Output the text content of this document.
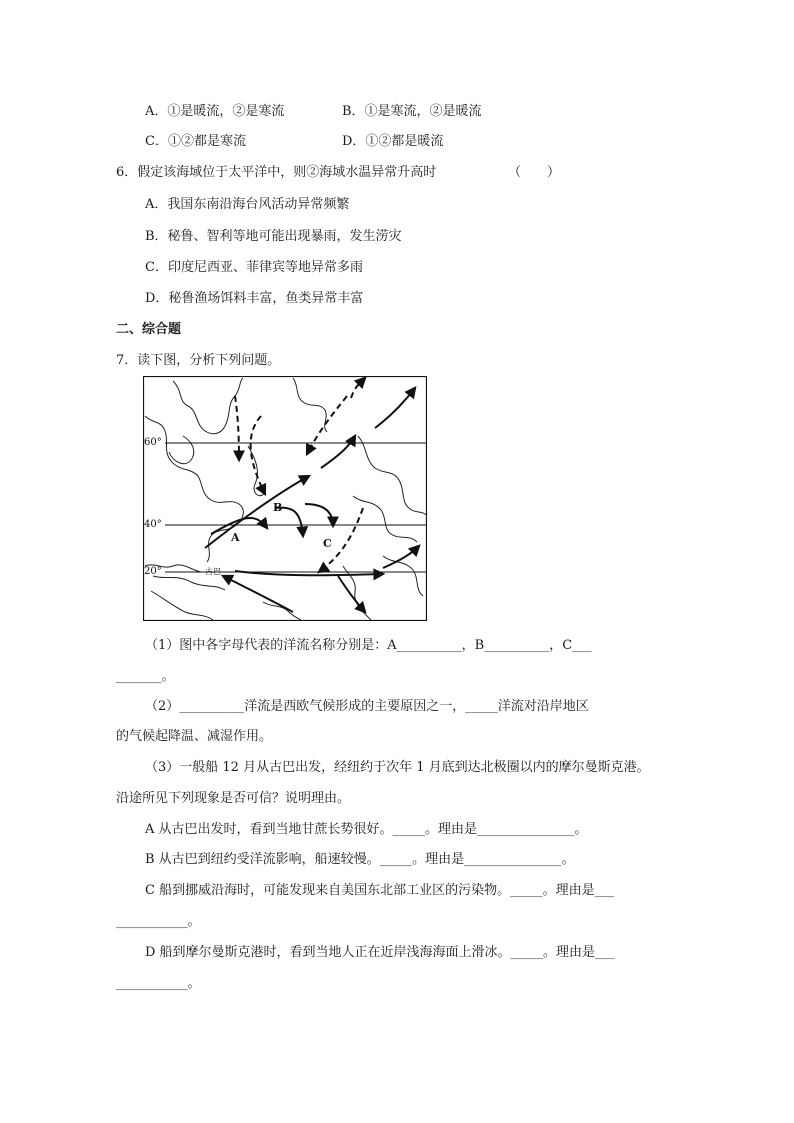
A．①是暖流，②是寒流	B．①是寒流，②是暖流
C．①②都是寒流	D．①②都是暖流
6．假定该海域位于太平洋中，则②海域水温异常升高时	（　　）
A．我国东南沿海台风活动异常频繁
B．秘鲁、智利等地可能出现暴雨，发生涝灾
C．印度尼西亚、菲律宾等地异常多雨
D．秘鲁渔场饵料丰富，鱼类异常丰富
二、综合题
7．读下图，分析下列问题。
60°
40°
20°
B
A	C
古巴
（1）图中各字母代表的洋流名称分别是：A__________，B__________，C___
_______。
（2）__________洋流是西欧气候形成的主要原因之一，_____洋流对沿岸地区
的气候起降温、减湿作用。
（3）一般船 12 月从古巴出发，经纽约于次年 1 月底到达北极圈以内的摩尔曼斯克港。
沿途所见下列现象是否可信？说明理由。
A 从古巴出发时，看到当地甘蔗长势很好。_____。理由是_______________。
B 从古巴到纽约受洋流影响，船速较慢。_____。理由是_______________。
C 船到挪威沿海时，可能发现来自美国东北部工业区的污染物。_____。理由是___
___________。
D 船到摩尔曼斯克港时，看到当地人正在近岸浅海海面上滑冰。_____。理由是___
___________。
